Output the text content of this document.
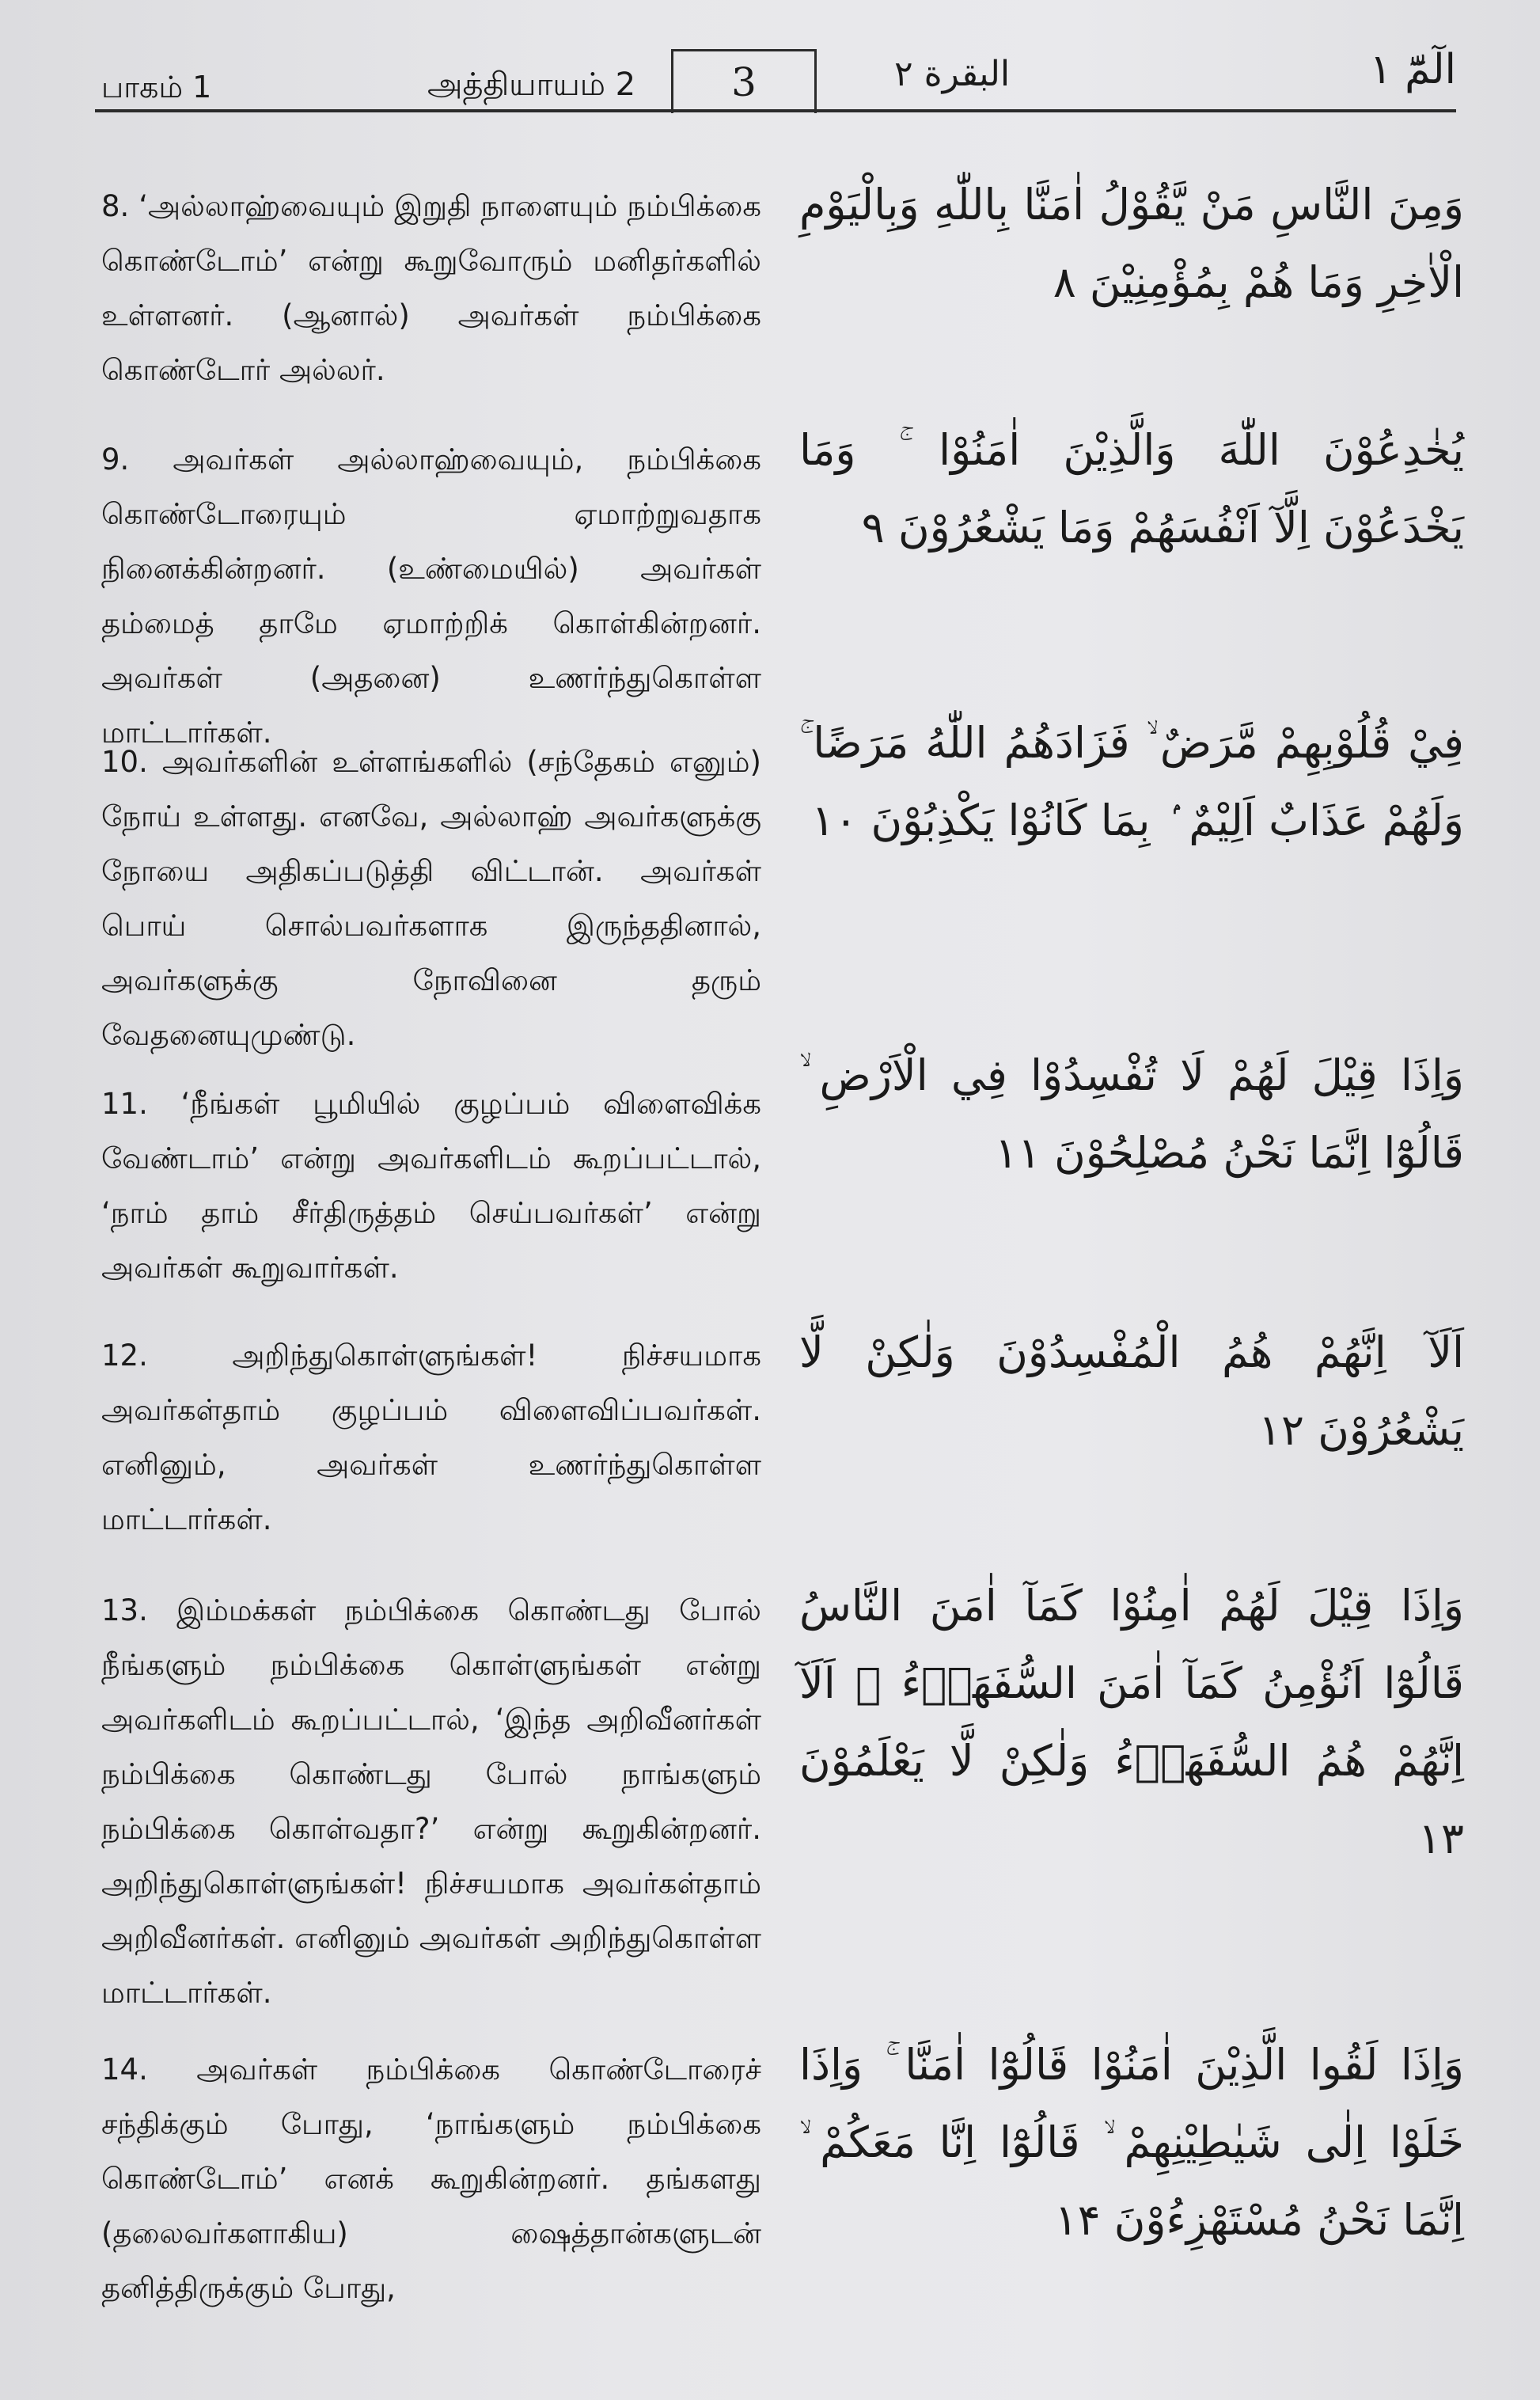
பாகம் 1	அத்தியாயம் 2	3	البقرة ٢	الٓمّٓ ١

8. ‘அல்லாஹ்வையும் இறுதி நாளையும் நம்பிக்கை கொண்டோம்’ என்று கூறுவோரும் மனிதர்களில் உள்ளனர். (ஆனால்) அவர்கள் நம்பிக்கை கொண்டோர் அல்லர்.

9. அவர்கள் அல்லாஹ்வையும், நம்பிக்கை கொண்டோரையும் ஏமாற்றுவதாக நினைக்கின்றனர். (உண்மையில்) அவர்கள் தம்மைத் தாமே ஏமாற்றிக் கொள்கின்றனர். அவர்கள் (அதனை) உணர்ந்துகொள்ள மாட்டார்கள்.

10. அவர்களின் உள்ளங்களில் (சந்தேகம் எனும்) நோய் உள்ளது. எனவே, அல்லாஹ் அவர்களுக்கு நோயை அதிகப்படுத்தி விட்டான். அவர்கள் பொய் சொல்பவர்களாக இருந்ததினால், அவர்களுக்கு நோவினை தரும் வேதனையுமுண்டு.

11. ‘நீங்கள் பூமியில் குழப்பம் விளைவிக்க வேண்டாம்’ என்று அவர்களிடம் கூறப்பட்டால், ‘நாம் தாம் சீர்திருத்தம் செய்பவர்கள்’ என்று அவர்கள் கூறுவார்கள்.

12. அறிந்துகொள்ளுங்கள்! நிச்சயமாக அவர்கள்தாம் குழப்பம் விளைவிப்பவர்கள். எனினும், அவர்கள் உணர்ந்துகொள்ள மாட்டார்கள்.

13. இம்மக்கள் நம்பிக்கை கொண்டது போல் நீங்களும் நம்பிக்கை கொள்ளுங்கள் என்று அவர்களிடம் கூறப்பட்டால், ‘இந்த அறிவீனர்கள் நம்பிக்கை கொண்டது போல் நாங்களும் நம்பிக்கை கொள்வதா?’ என்று கூறுகின்றனர். அறிந்துகொள்ளுங்கள்! நிச்சயமாக அவர்கள்தாம் அறிவீனர்கள். எனினும் அவர்கள் அறிந்துகொள்ள மாட்டார்கள்.

14. அவர்கள் நம்பிக்கை கொண்டோரைச் சந்திக்கும் போது, ‘நாங்களும் நம்பிக்கை கொண்டோம்’ எனக் கூறுகின்றனர். தங்களது (தலைவர்களாகிய) ஷைத்தான்களுடன் தனித்திருக்கும் போது,

وَمِنَ النَّاسِ مَنْ يَّقُوْلُ اٰمَنَّا بِاللّٰهِ وَبِالْيَوْمِ الْاٰخِرِ وَمَا هُمْ بِمُؤْمِنِيْنَ ۸
يُخٰدِعُوْنَ اللّٰهَ وَالَّذِيْنَ اٰمَنُوْا ۚ وَمَا يَخْدَعُوْنَ اِلَّآ اَنْفُسَهُمْ وَمَا يَشْعُرُوْنَ ۹
فِيْ قُلُوْبِهِمْ مَّرَضٌ ۙ فَزَادَهُمُ اللّٰهُ مَرَضًا ۚ وَلَهُمْ عَذَابٌ اَلِيْمٌ ۢ بِمَا كَانُوْا يَكْذِبُوْنَ ۱۰
وَاِذَا قِيْلَ لَهُمْ لَا تُفْسِدُوْا فِي الْاَرْضِ ۙ قَالُوْٓا اِنَّمَا نَحْنُ مُصْلِحُوْنَ ۱۱
اَلَآ اِنَّهُمْ هُمُ الْمُفْسِدُوْنَ وَلٰكِنْ لَّا يَشْعُرُوْنَ ۱۲
وَاِذَا قِيْلَ لَهُمْ اٰمِنُوْا كَمَآ اٰمَنَ النَّاسُ قَالُوْٓا اَنُؤْمِنُ كَمَآ اٰمَنَ السُّفَهَاۤءُ ۗ اَلَآ اِنَّهُمْ هُمُ السُّفَهَاۤءُ وَلٰكِنْ لَّا يَعْلَمُوْنَ ۱۳
وَاِذَا لَقُوا الَّذِيْنَ اٰمَنُوْا قَالُوْٓا اٰمَنَّا ۚ وَاِذَا خَلَوْا اِلٰى شَيٰطِيْنِهِمْ ۙ قَالُوْٓا اِنَّا مَعَكُمْ ۙ اِنَّمَا نَحْنُ مُسْتَهْزِءُوْنَ ۱۴
